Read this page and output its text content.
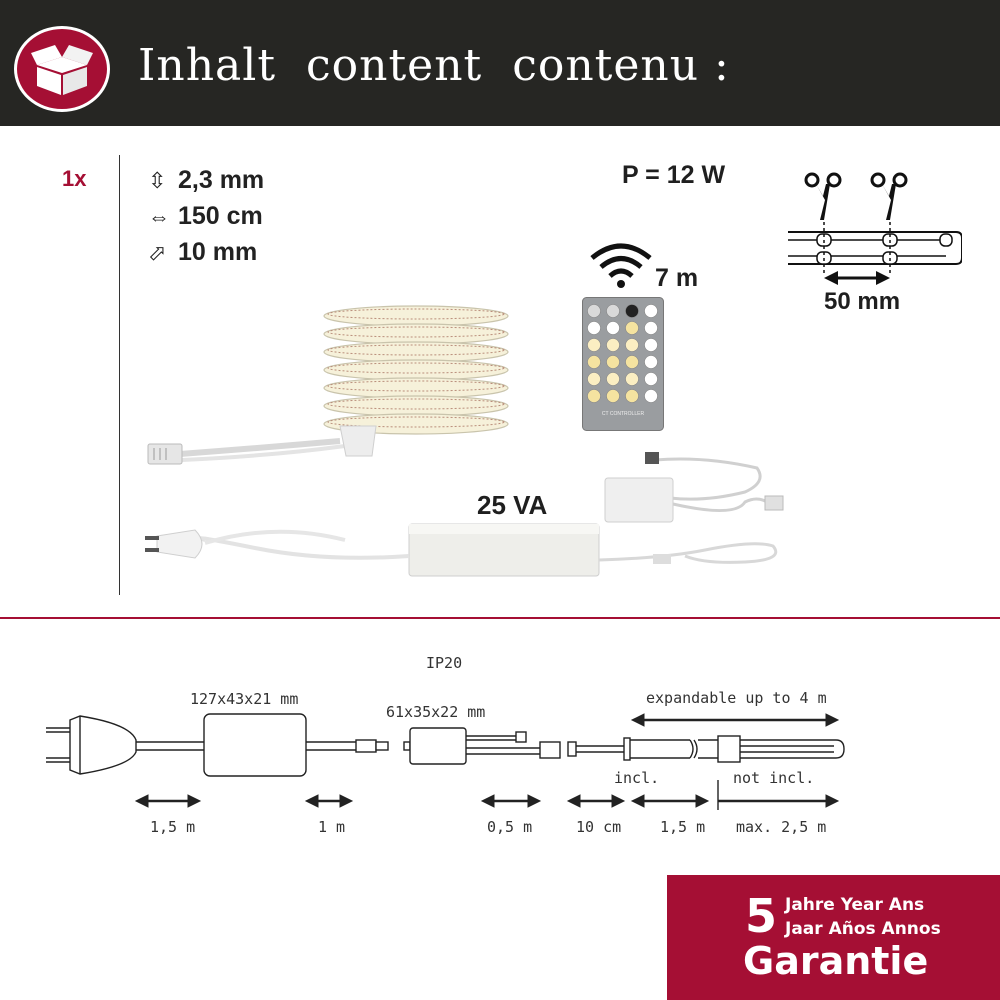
Inhalt  content  contenu :
1x	⇳ 2,3 mm
⇔ 150 cm
⬀ 10 mm
P = 12 W
7 m
CT CONTROLLER
50 mm
25 VA
IP20
127x43x21 mm
61x35x22 mm
expandable up to 4 m
incl.	not incl.
1,5 m	1 m	0,5 m	10 cm	1,5 m max. 2,5 m
5 Jahre Year Ans
Jaar Años Annos
Garantie
